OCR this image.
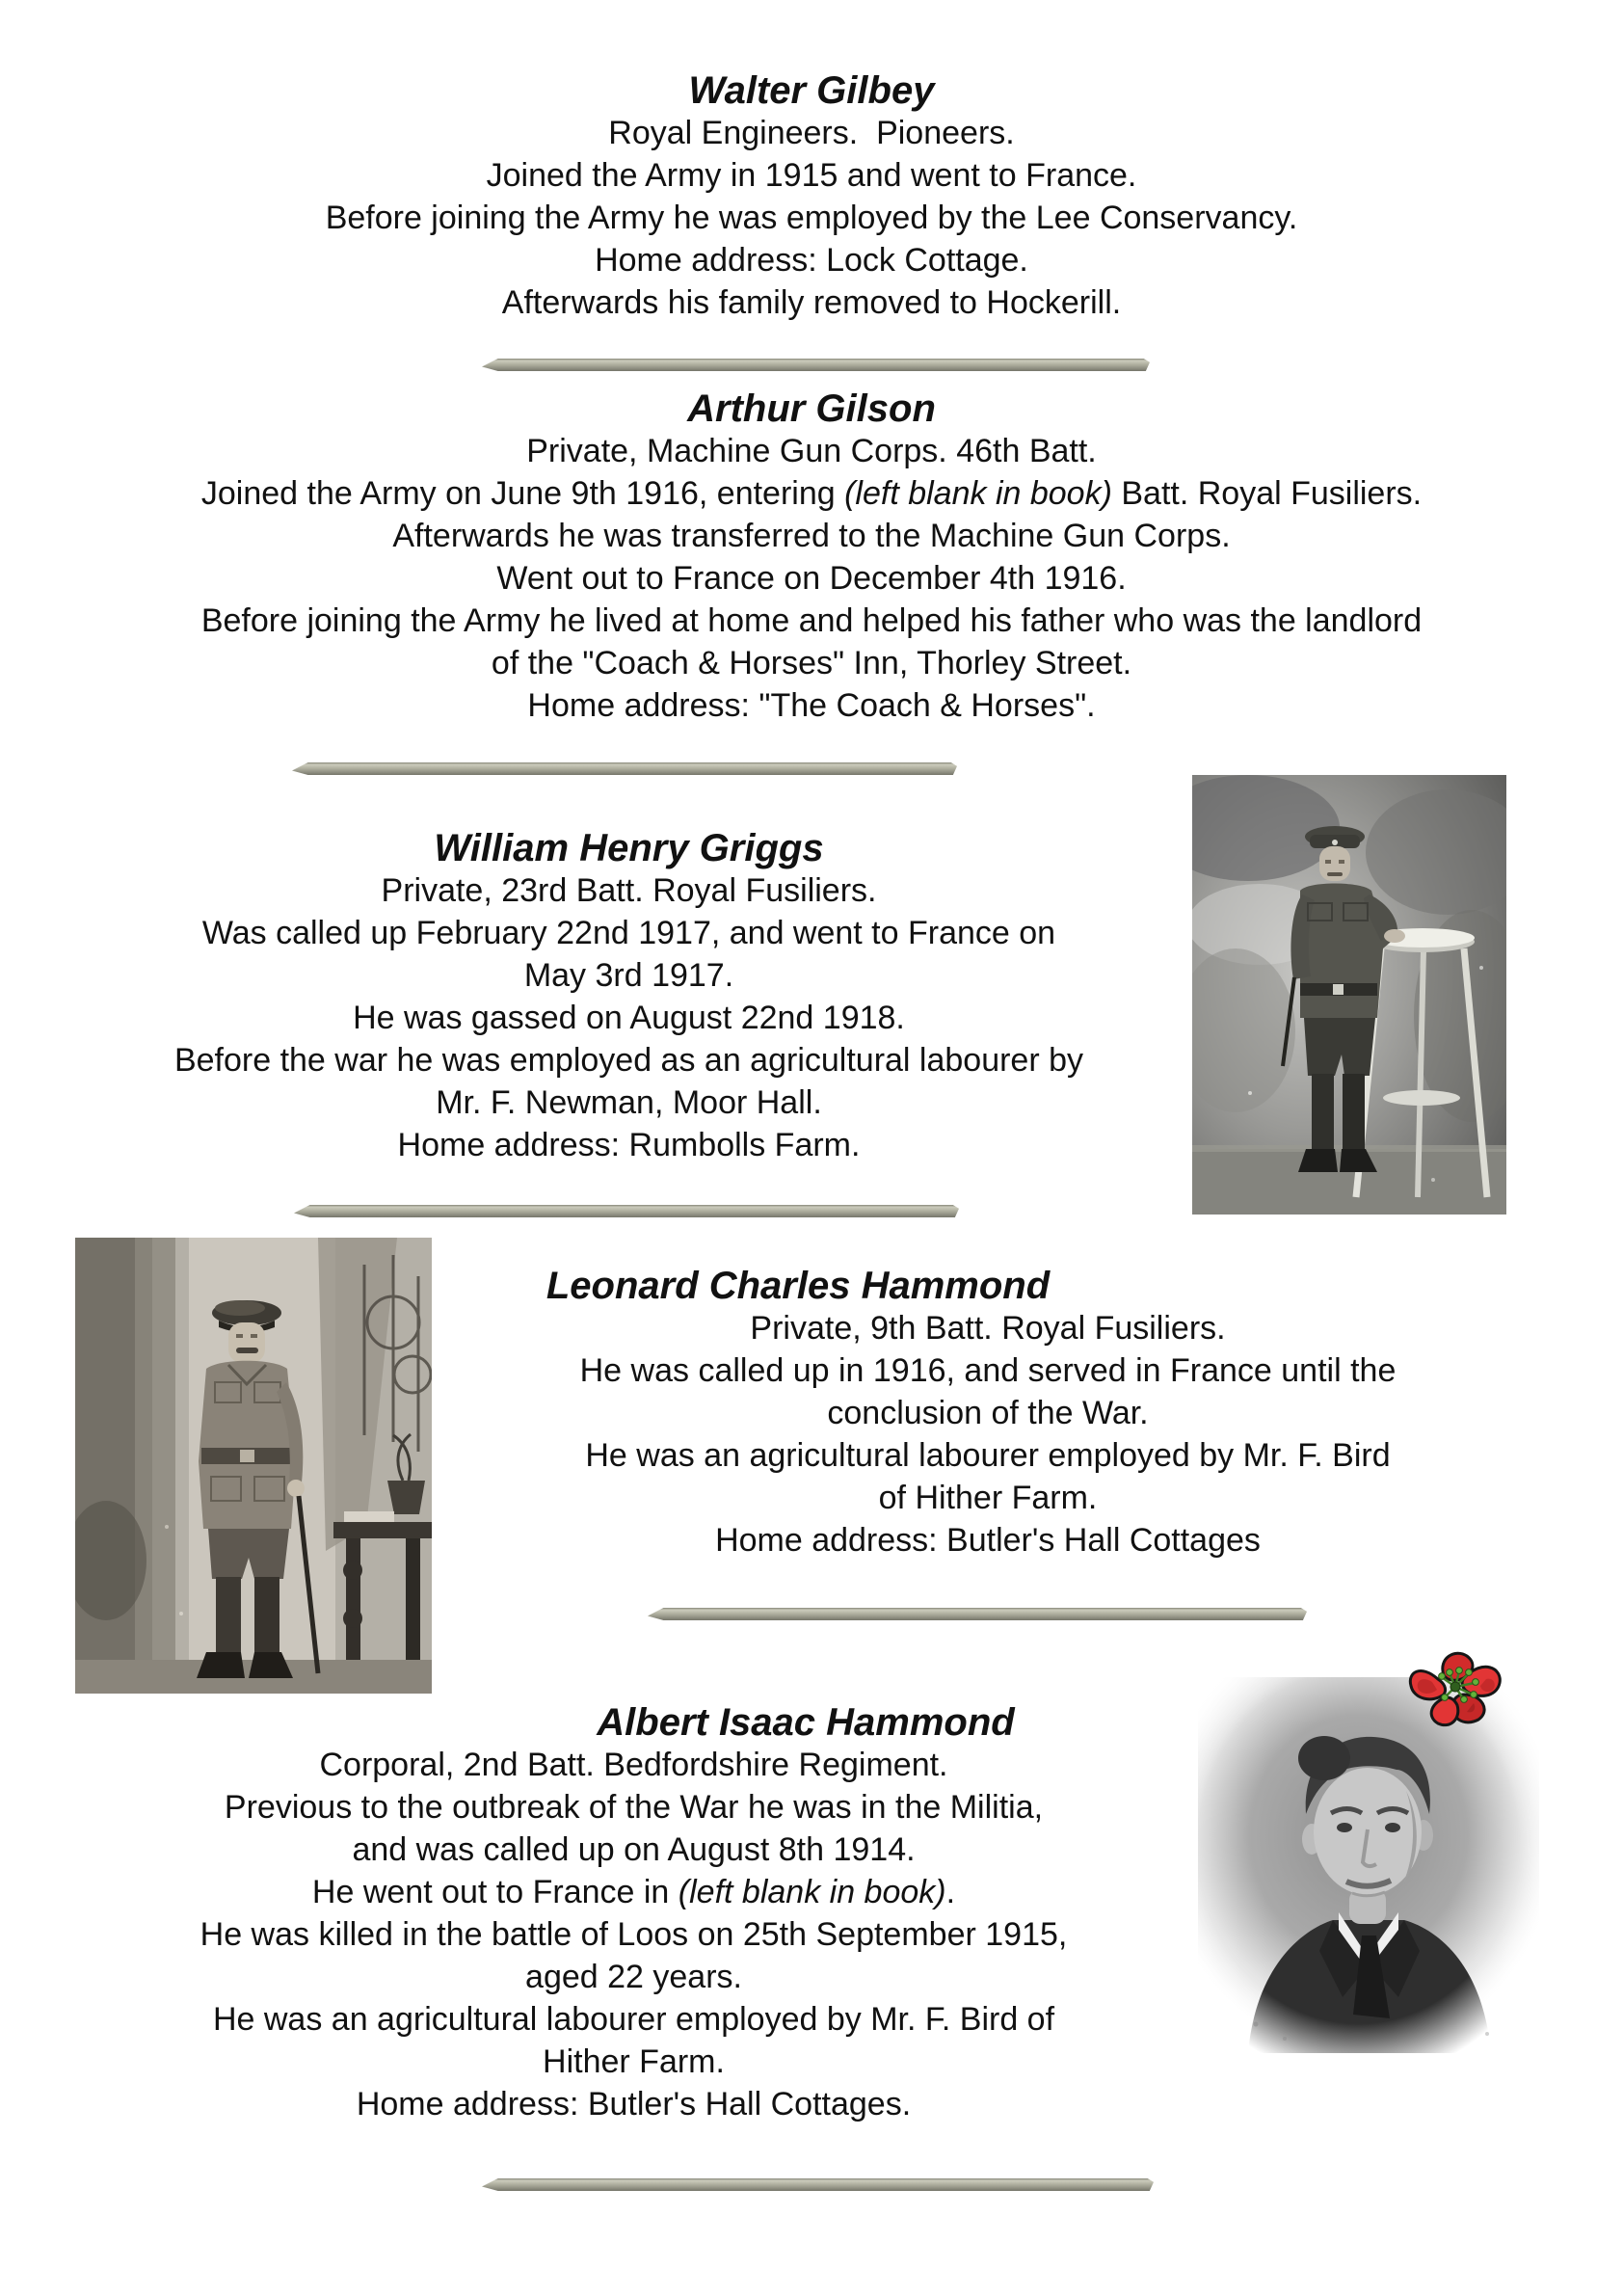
Walter Gilbey
Royal Engineers.  Pioneers.
Joined the Army in 1915 and went to France.
Before joining the Army he was employed by the Lee Conservancy.
Home address: Lock Cottage.
Afterwards his family removed to Hockerill.
Arthur Gilson
Private, Machine Gun Corps. 46th Batt.
Joined the Army on June 9th 1916, entering (left blank in book) Batt. Royal Fusiliers.
Afterwards he was transferred to the Machine Gun Corps.
Went out to France on December 4th 1916.
Before joining the Army he lived at home and helped his father who was the landlord
of the "Coach & Horses" Inn, Thorley Street.
Home address: "The Coach & Horses".
William Henry Griggs
Private, 23rd Batt. Royal Fusiliers.
Was called up February 22nd 1917, and went to France on
May 3rd 1917.
He was gassed on August 22nd 1918.
Before the war he was employed as an agricultural labourer by
Mr. F. Newman, Moor Hall.
Home address: Rumbolls Farm.
Leonard Charles Hammond
Private, 9th Batt. Royal Fusiliers.
He was called up in 1916, and served in France until the
conclusion of the War.
He was an agricultural labourer employed by Mr. F. Bird
of Hither Farm.
Home address: Butler's Hall Cottages
Albert Isaac Hammond
Corporal, 2nd Batt. Bedfordshire Regiment.
Previous to the outbreak of the War he was in the Militia,
and was called up on August 8th 1914.
He went out to France in (left blank in book).
He was killed in the battle of Loos on 25th September 1915,
aged 22 years.
He was an agricultural labourer employed by Mr. F. Bird of
Hither Farm.
Home address: Butler's Hall Cottages.
